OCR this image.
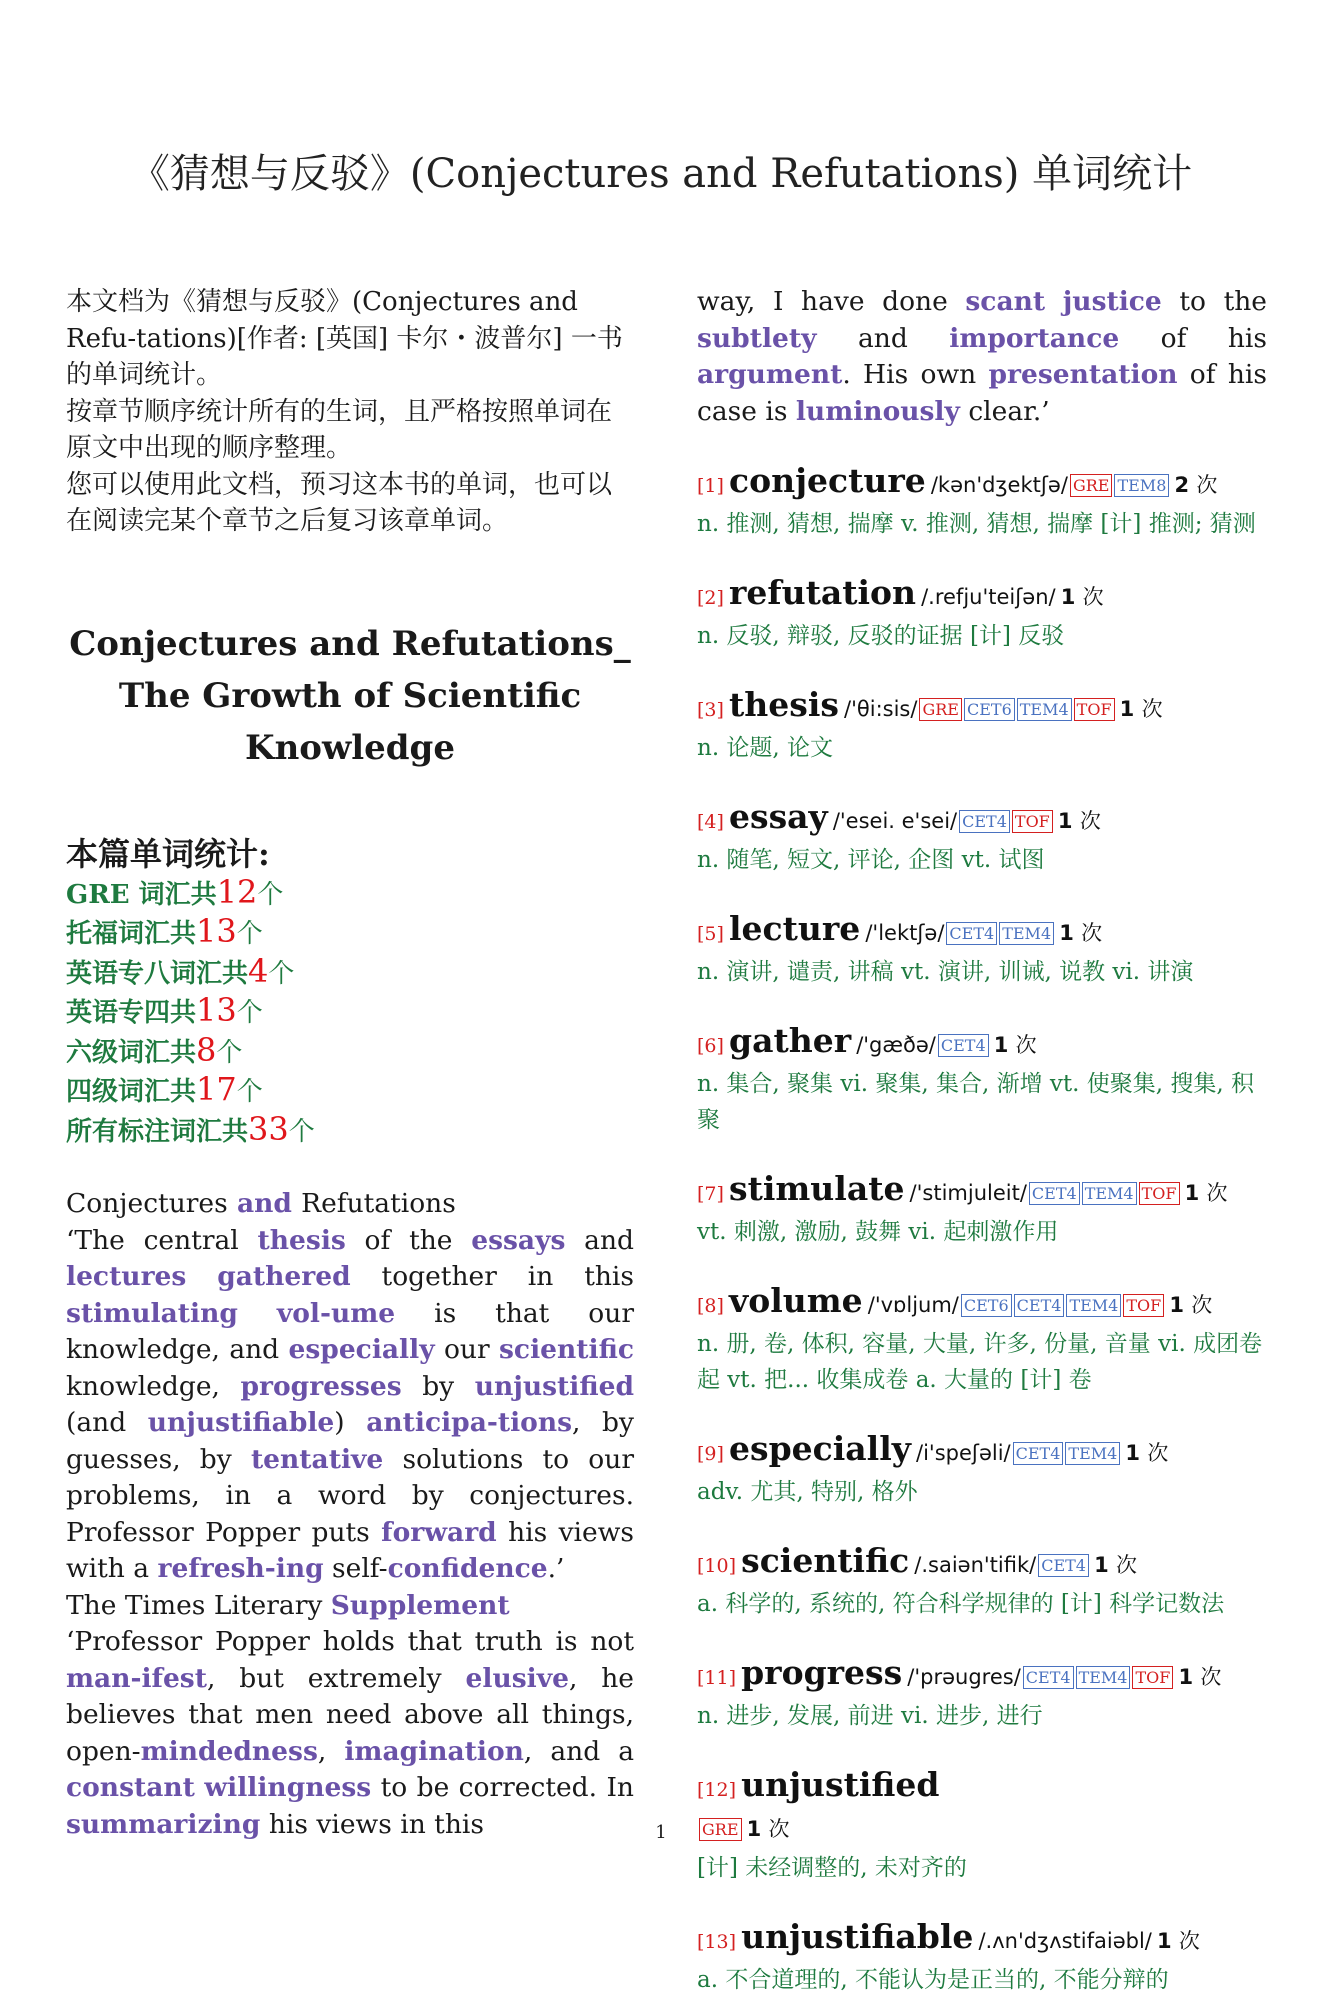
《猜想与反驳》(Conjectures and Refutations) 单词统计

本文档为《猜想与反驳》(Conjectures and Refu-tations)[作者: [英国] 卡尔・波普尔] 一书的单词统计。

按章节顺序统计所有的生词，且严格按照单词在原文中出现的顺序整理。

您可以使用此文档，预习这本书的单词，也可以在阅读完某个章节之后复习该章单词。

Conjectures and Refutations_ The Growth of Scientific Knowledge
本篇单词统计:
GRE 词汇共12个
托福词汇共13个
英语专八词汇共4个
英语专四共13个
六级词汇共8个
四级词汇共17个
所有标注词汇共33个

Conjectures and Refutations

‘The central thesis of the essays and lectures gathered together in this stimulating vol-ume is that our knowledge, and especially our scientific knowledge, progresses by unjustified (and unjustifiable) anticipa-tions, by guesses, by tentative solutions to our problems, in a word by conjectures. Professor Popper puts forward his views with a refresh-ing self-confidence.’

The Times Literary Supplement

‘Professor Popper holds that truth is not man-ifest, but extremely elusive, he believes that men need above all things, open-mindedness, imagination, and a constant willingness to be corrected. In summarizing his views in this

way, I have done scant justice to the subtlety and importance of his argument. His own presentation of his case is luminously clear.’
[1] conjecture /kən'dʒektʃə/ GRE TEM8 2 次
n. 推测, 猜想, 揣摩 v. 推测, 猜想, 揣摩 [计] 推测; 猜测
[2] refutation /.refju'teiʃən/ 1 次
n. 反驳, 辩驳, 反驳的证据 [计] 反驳
[3] thesis /'θi:sis/ GRE CET6 TEM4 TOF 1 次
n. 论题, 论文
[4] essay /'esei. e'sei/ CET4 TOF 1 次
n. 随笔, 短文, 评论, 企图 vt. 试图
[5] lecture /'lektʃə/ CET4 TEM4 1 次
n. 演讲, 谴责, 讲稿 vt. 演讲, 训诫, 说教 vi. 讲演
[6] gather /'gæðə/ CET4 1 次
n. 集合, 聚集 vi. 聚集, 集合, 渐增 vt. 使聚集, 搜集, 积聚
[7] stimulate /'stimjuleit/ CET4 TEM4 TOF 1 次
vt. 刺激, 激励, 鼓舞 vi. 起刺激作用
[8] volume /'vɒljum/ CET6 CET4 TEM4 TOF 1 次
n. 册, 卷, 体积, 容量, 大量, 许多, 份量, 音量 vi. 成团卷起 vt. 把... 收集成卷 a. 大量的 [计] 卷
[9] especially /i'speʃəli/ CET4 TEM4 1 次
adv. 尤其, 特别, 格外
[10] scientific /.saiən'tifik/ CET4 1 次
a. 科学的, 系统的, 符合科学规律的 [计] 科学记数法
[11] progress /'prəugres/ CET4 TEM4 TOF 1 次
n. 进步, 发展, 前进 vi. 进步, 进行
[12] unjustified
GRE 1 次
[计] 未经调整的, 未对齐的
[13] unjustifiable /.ʌn'dʒʌstifaiəbl/ 1 次
a. 不合道理的, 不能认为是正当的, 不能分辩的
1
